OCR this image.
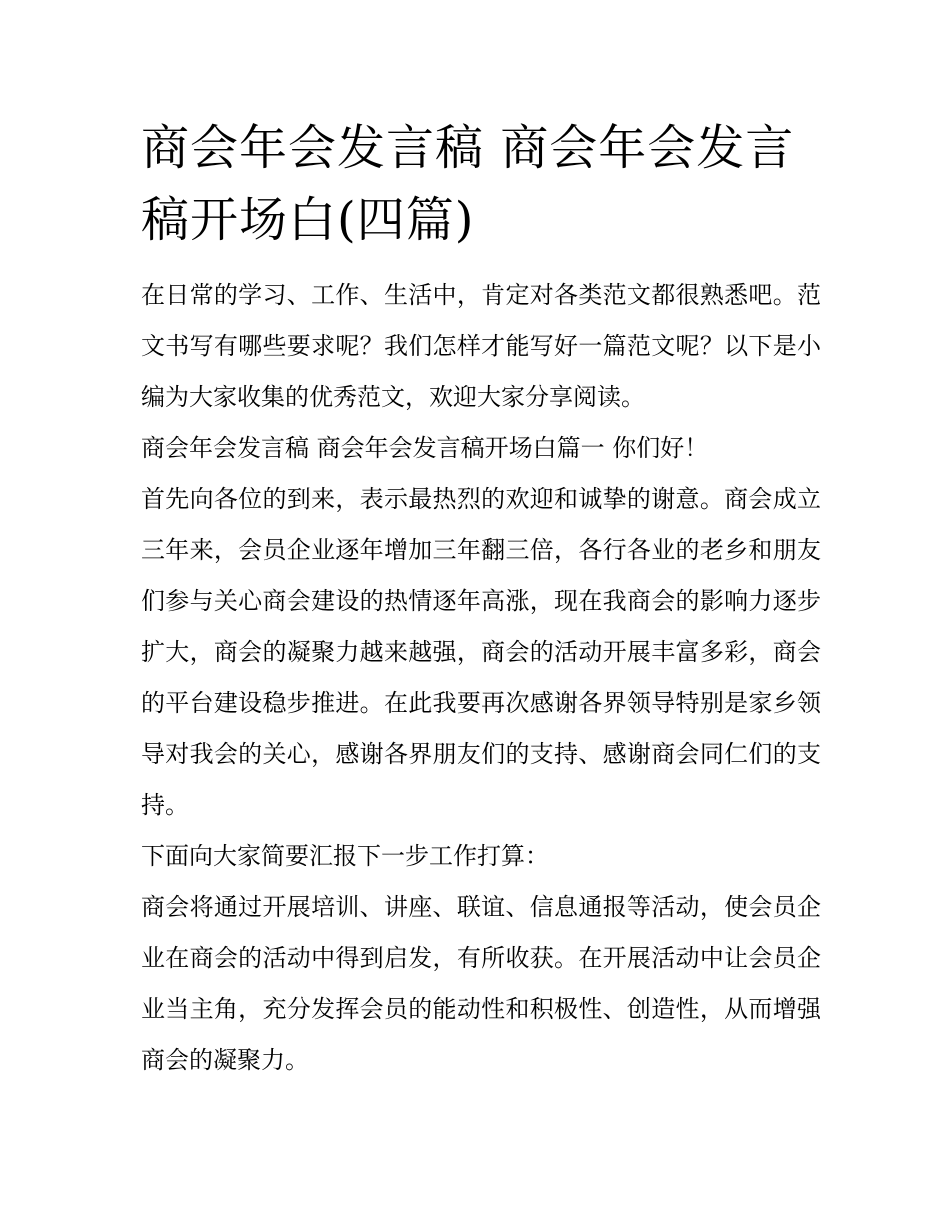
商会年会发言稿 商会年会发言稿开场白(四篇)

在日常的学习、工作、生活中，肯定对各类范文都很熟悉吧。范文书写有哪些要求呢？我们怎样才能写好一篇范文呢？以下是小编为大家收集的优秀范文，欢迎大家分享阅读。

商会年会发言稿 商会年会发言稿开场白篇一 你们好！

首先向各位的到来，表示最热烈的欢迎和诚挚的谢意。商会成立三年来，会员企业逐年增加三年翻三倍，各行各业的老乡和朋友们参与关心商会建设的热情逐年高涨，现在我商会的影响力逐步扩大，商会的凝聚力越来越强，商会的活动开展丰富多彩，商会的平台建设稳步推进。在此我要再次感谢各界领导特别是家乡领导对我会的关心，感谢各界朋友们的支持、感谢商会同仁们的支持。

下面向大家简要汇报下一步工作打算：

商会将通过开展培训、讲座、联谊、信息通报等活动，使会员企业在商会的活动中得到启发，有所收获。在开展活动中让会员企业当主角，充分发挥会员的能动性和积极性、创造性，从而增强商会的凝聚力。
